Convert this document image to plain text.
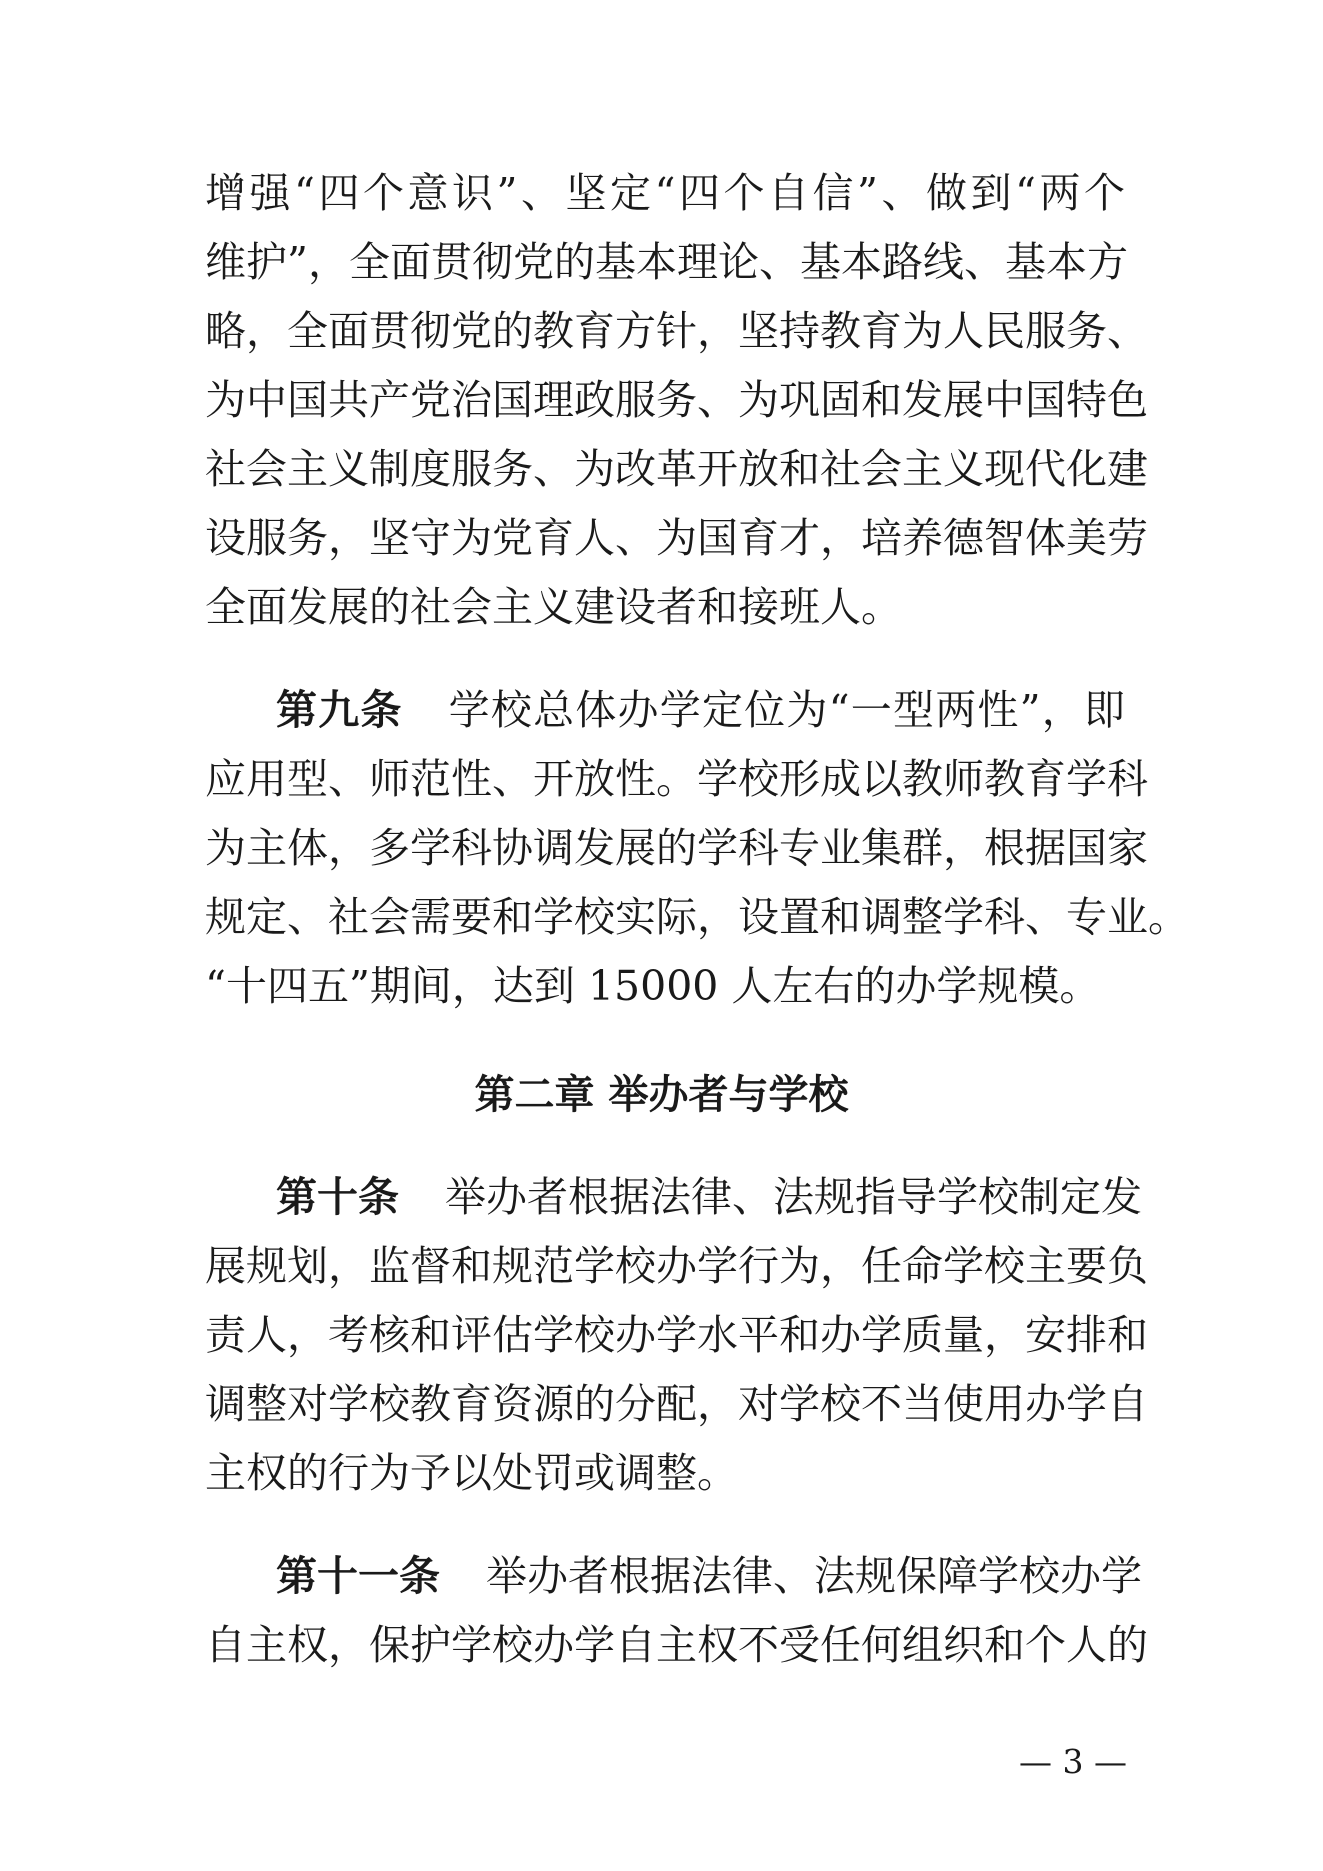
增强“四个意识”、坚定“四个自信”、做到“两个
维护”，全面贯彻党的基本理论、基本路线、基本方
略，全面贯彻党的教育方针，坚持教育为人民服务、
为中国共产党治国理政服务、为巩固和发展中国特色
社会主义制度服务、为改革开放和社会主义现代化建
设服务，坚守为党育人、为国育才，培养德智体美劳
全面发展的社会主义建设者和接班人。
第九条 学校总体办学定位为“一型两性”，即
应用型、师范性、开放性。学校形成以教师教育学科
为主体，多学科协调发展的学科专业集群，根据国家
规定、社会需要和学校实际，设置和调整学科、专业。
“十四五”期间，达到 15000 人左右的办学规模。
第二章 举办者与学校
第十条 举办者根据法律、法规指导学校制定发
展规划，监督和规范学校办学行为，任命学校主要负
责人，考核和评估学校办学水平和办学质量，安排和
调整对学校教育资源的分配，对学校不当使用办学自
主权的行为予以处罚或调整。
第十一条 举办者根据法律、法规保障学校办学
自主权，保护学校办学自主权不受任何组织和个人的
— 3 —
